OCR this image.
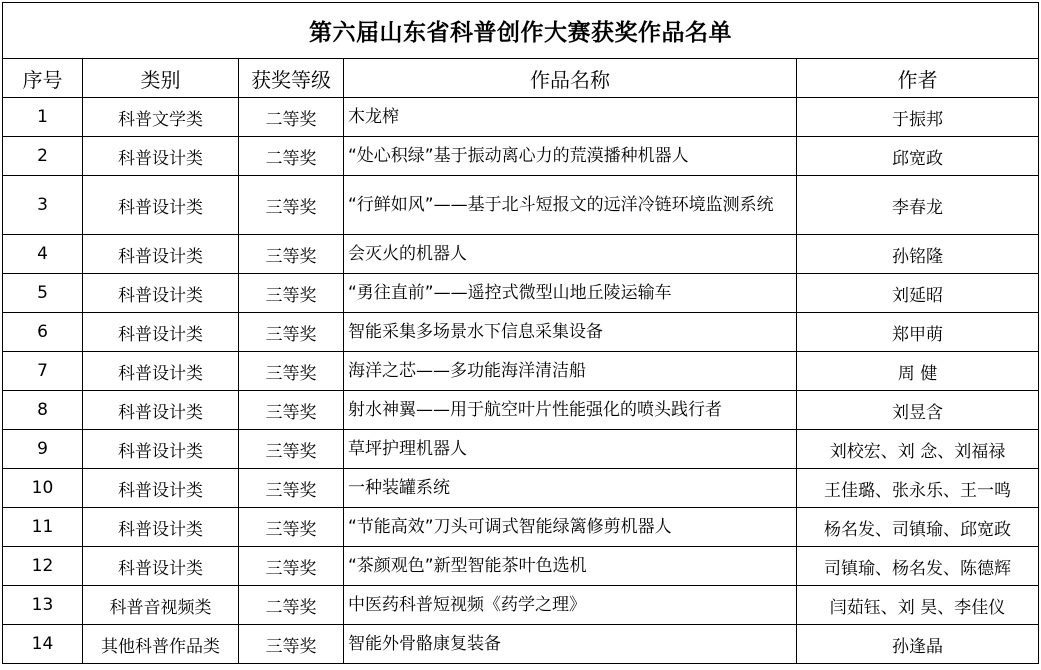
第六届山东省科普创作大赛获奖作品名单				
序号	类别	获奖等级	作品名称	作者
1	科普文学类	二等奖	木龙榨	于振邦
2	科普设计类	二等奖	“处心积绿”基于振动离心力的荒漠播种机器人	邱宽政
3	科普设计类	三等奖	“行鲜如风”——基于北斗短报文的远洋冷链环境监测系统	李春龙
4	科普设计类	三等奖	会灭火的机器人	孙铭隆
5	科普设计类	三等奖	“勇往直前”——遥控式微型山地丘陵运输车	刘延昭
6	科普设计类	三等奖	智能采集多场景水下信息采集设备	郑甲萌
7	科普设计类	三等奖	海洋之芯——多功能海洋清洁船	周 健
8	科普设计类	三等奖	射水神翼——用于航空叶片性能强化的喷头践行者	刘昱含
9	科普设计类	三等奖	草坪护理机器人	刘校宏、刘 念、刘福禄
10	科普设计类	三等奖	一种装罐系统	王佳璐、张永乐、王一鸣
11	科普设计类	三等奖	“节能高效”刀头可调式智能绿篱修剪机器人	杨名发、司镇瑜、邱宽政
12	科普设计类	三等奖	“茶颜观色”新型智能茶叶色选机	司镇瑜、杨名发、陈德辉
13	科普音视频类	二等奖	中医药科普短视频《药学之理》	闫茹钰、刘 昊、李佳仪
14	其他科普作品类	三等奖	智能外骨骼康复装备	孙逢晶
